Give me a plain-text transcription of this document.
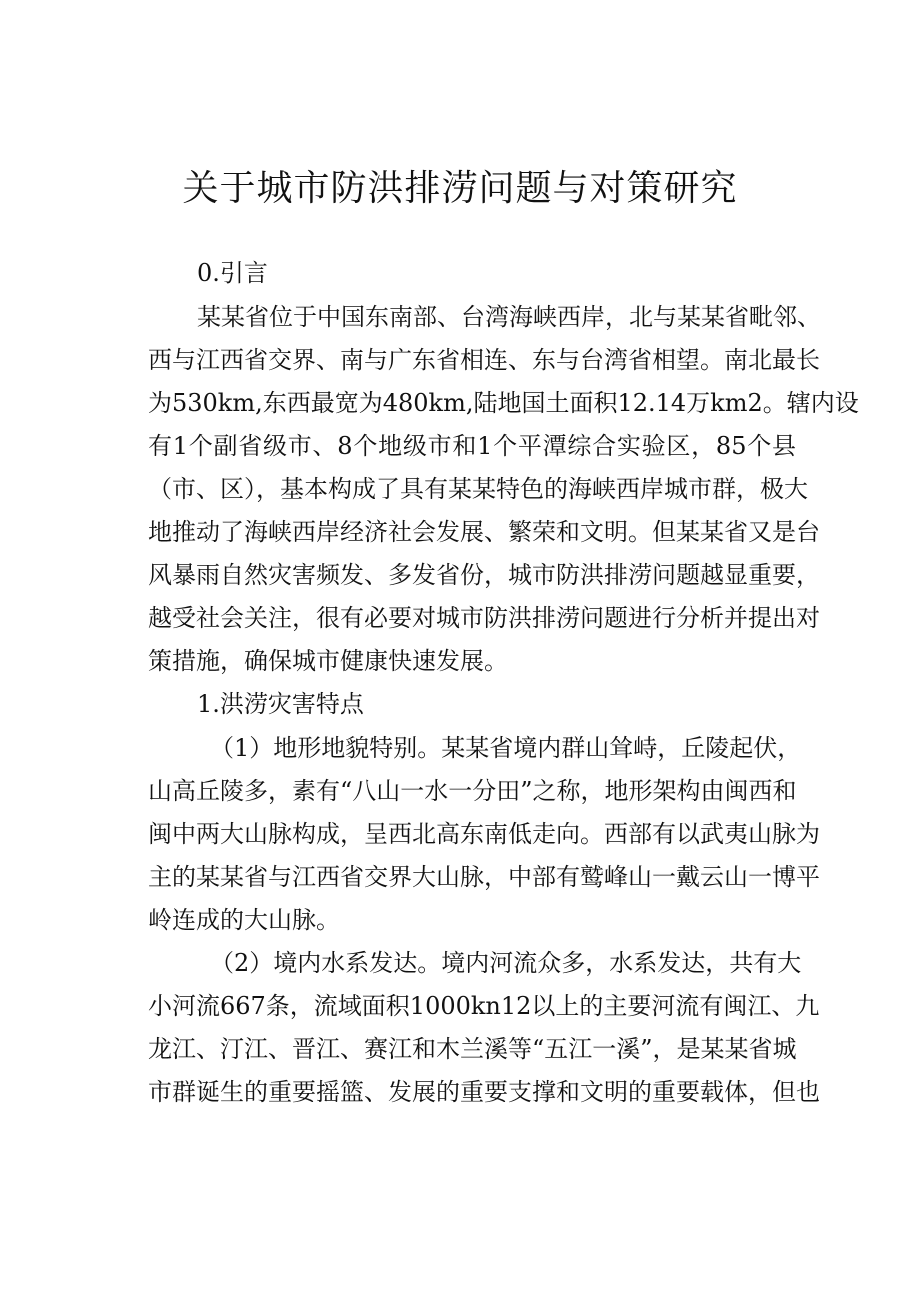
关于城市防洪排涝问题与对策研究

0.引言

某某省位于中国东南部、台湾海峡西岸，北与某某省毗邻、

西与江西省交界、南与广东省相连、东与台湾省相望。南北最长

为530km,东西最宽为480km,陆地国土面积12.14万km2。辖内设

有1个副省级市、8个地级市和1个平潭综合实验区，85个县

（市、区），基本构成了具有某某特色的海峡西岸城市群，极大

地推动了海峡西岸经济社会发展、繁荣和文明。但某某省又是台

风暴雨自然灾害频发、多发省份，城市防洪排涝问题越显重要，

越受社会关注，很有必要对城市防洪排涝问题进行分析并提出对

策措施，确保城市健康快速发展。

1.洪涝灾害特点

（1）地形地貌特别。某某省境内群山耸峙，丘陵起伏，

山高丘陵多，素有“八山一水一分田”之称，地形架构由闽西和

闽中两大山脉构成，呈西北高东南低走向。西部有以武夷山脉为

主的某某省与江西省交界大山脉，中部有鹫峰山一戴云山一博平

岭连成的大山脉。

（2）境内水系发达。境内河流众多，水系发达，共有大

小河流667条，流域面积1000kn12以上的主要河流有闽江、九

龙江、汀江、晋江、赛江和木兰溪等“五江一溪”，是某某省城

市群诞生的重要摇篮、发展的重要支撑和文明的重要载体，但也
